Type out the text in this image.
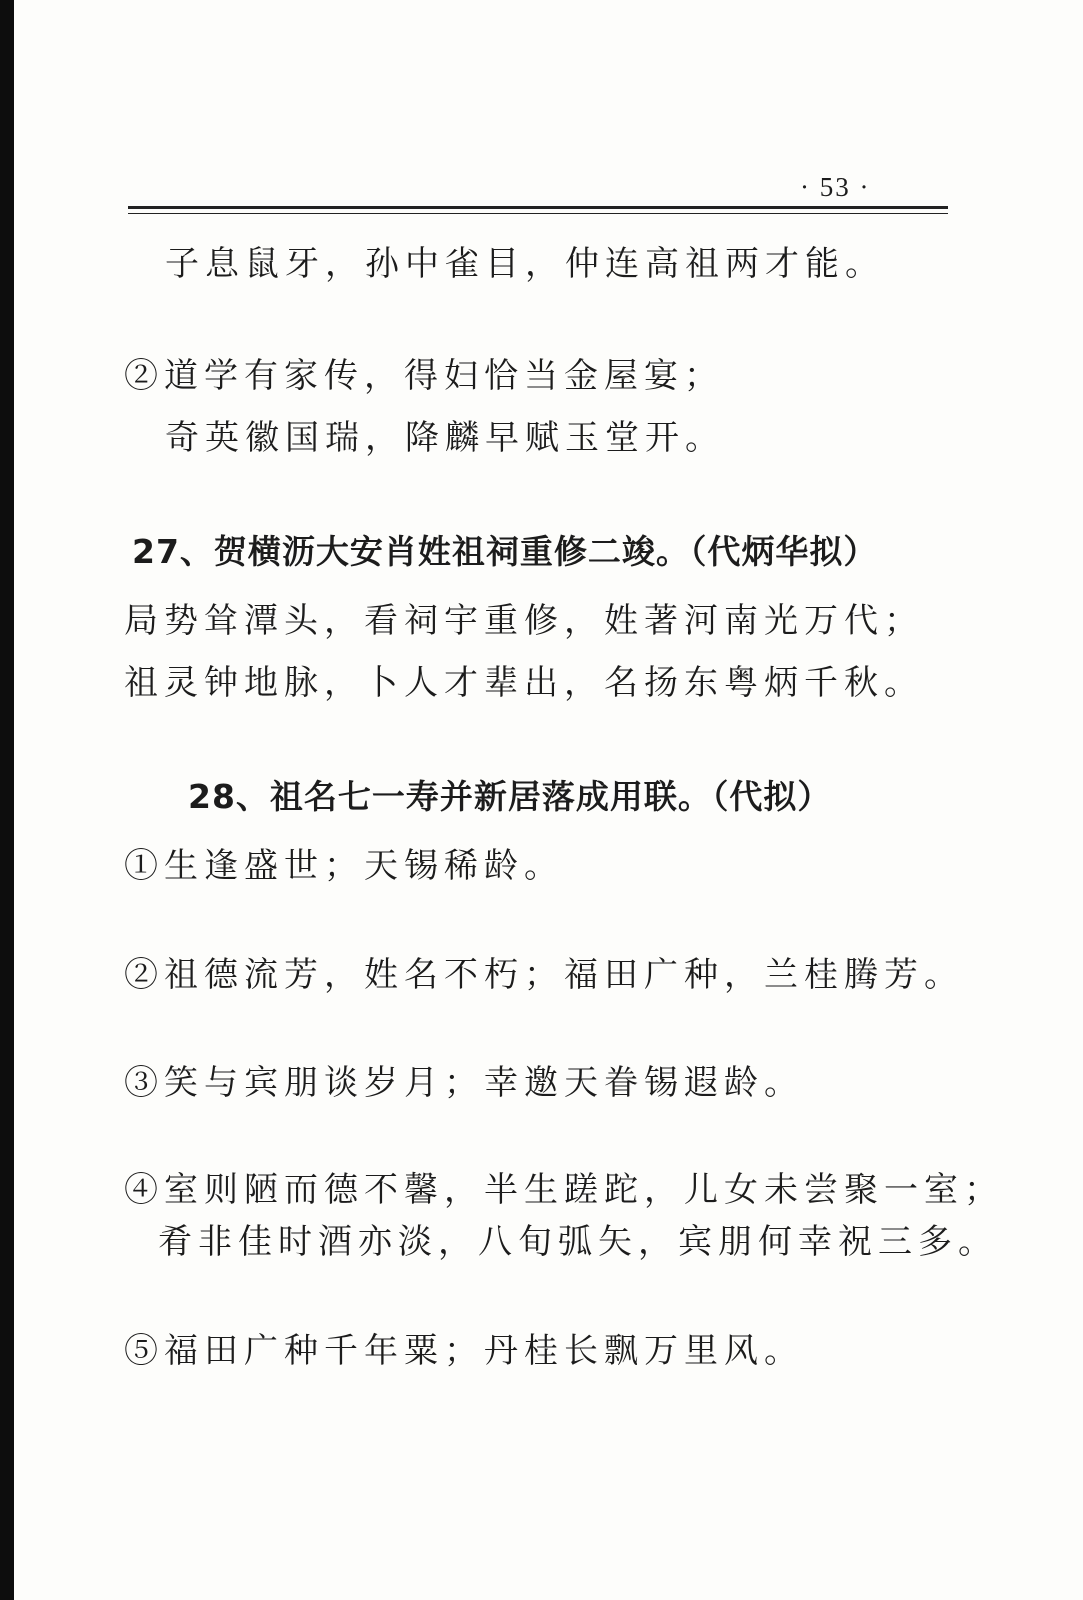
· 53 ·
子息鼠牙，孙中雀目，仲连高祖两才能。
②道学有家传，得妇恰当金屋宴；
奇英徽国瑞，降麟早赋玉堂开。
27、贺横沥大安肖姓祖祠重修二竣。（代炳华拟）
局势耸潭头，看祠宇重修，姓著河南光万代；
祖灵钟地脉，卜人才辈出，名扬东粤炳千秋。
28、祖名七一寿并新居落成用联。（代拟）
①生逢盛世；天锡稀龄。
②祖德流芳，姓名不朽；福田广种，兰桂腾芳。
③笑与宾朋谈岁月；幸邀天眷锡遐龄。
④室则陋而德不馨，半生蹉跎，儿女未尝聚一室；
肴非佳时酒亦淡，八旬弧矢，宾朋何幸祝三多。
⑤福田广种千年粟；丹桂长飘万里风。
